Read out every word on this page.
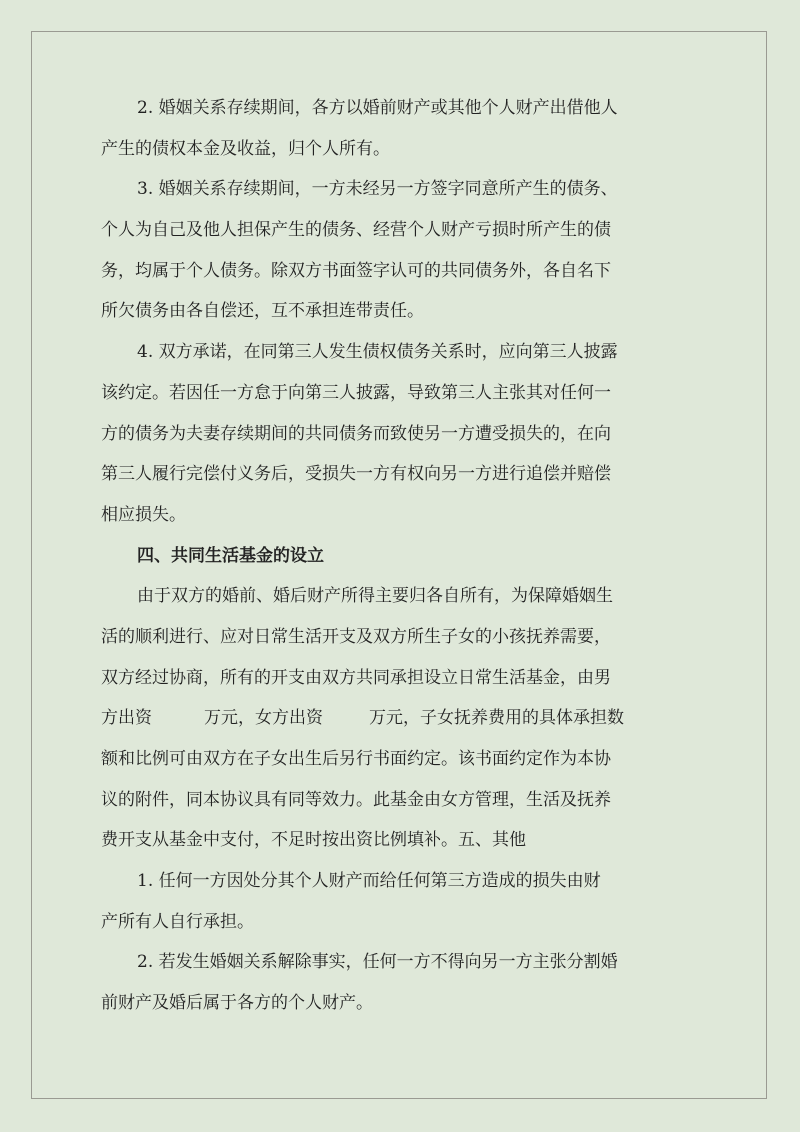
2. 婚姻关系存续期间，各方以婚前财产或其他个人财产出借他人
产生的债权本金及收益，归个人所有。
3. 婚姻关系存续期间，一方未经另一方签字同意所产生的债务、
个人为自己及他人担保产生的债务、经营个人财产亏损时所产生的债
务，均属于个人债务。除双方书面签字认可的共同债务外，各自名下
所欠债务由各自偿还，互不承担连带责任。
4. 双方承诺，在同第三人发生债权债务关系时，应向第三人披露
该约定。若因任一方怠于向第三人披露，导致第三人主张其对任何一
方的债务为夫妻存续期间的共同债务而致使另一方遭受损失的，在向
第三人履行完偿付义务后，受损失一方有权向另一方进行追偿并赔偿
相应损失。
四、共同生活基金的设立
由于双方的婚前、婚后财产所得主要归各自所有，为保障婚姻生
活的顺利进行、应对日常生活开支及双方所生子女的小孩抚养需要，
双方经过协商，所有的开支由双方共同承担设立日常生活基金，由男
方出资	万元，女方出资	万元，子女抚养费用的具体承担数
额和比例可由双方在子女出生后另行书面约定。该书面约定作为本协
议的附件，同本协议具有同等效力。此基金由女方管理，生活及抚养
费开支从基金中支付，不足时按出资比例填补。五、其他
1. 任何一方因处分其个人财产而给任何第三方造成的损失由财
产所有人自行承担。
2. 若发生婚姻关系解除事实，任何一方不得向另一方主张分割婚
前财产及婚后属于各方的个人财产。
